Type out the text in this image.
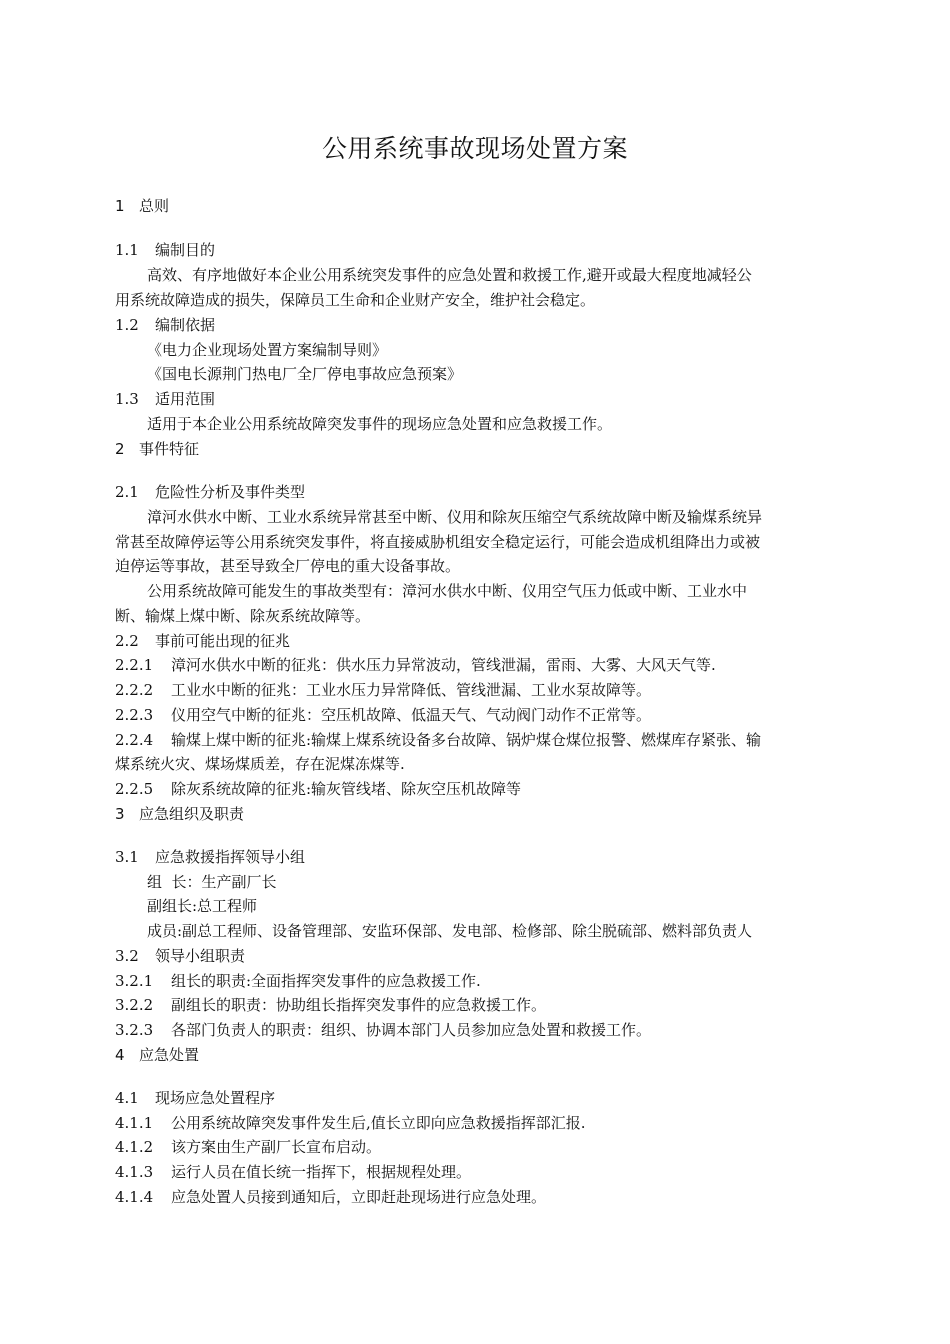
公用系统事故现场处置方案
1 总则
1.1 编制目的
高效、有序地做好本企业公用系统突发事件的应急处置和救援工作,避开或最大程度地减轻公
用系统故障造成的损失，保障员工生命和企业财产安全，维护社会稳定。
1.2 编制依据
《电力企业现场处置方案编制导则》
《国电长源荆门热电厂全厂停电事故应急预案》
1.3 适用范围
适用于本企业公用系统故障突发事件的现场应急处置和应急救援工作。
2 事件特征
2.1 危险性分析及事件类型
漳河水供水中断、工业水系统异常甚至中断、仪用和除灰压缩空气系统故障中断及输煤系统异
常甚至故障停运等公用系统突发事件，将直接威胁机组安全稳定运行，可能会造成机组降出力或被
迫停运等事故，甚至导致全厂停电的重大设备事故。
公用系统故障可能发生的事故类型有：漳河水供水中断、仪用空气压力低或中断、工业水中
断、输煤上煤中断、除灰系统故障等。
2.2 事前可能出现的征兆
2.2.1 漳河水供水中断的征兆：供水压力异常波动，管线泄漏，雷雨、大雾、大风天气等.
2.2.2 工业水中断的征兆：工业水压力异常降低、管线泄漏、工业水泵故障等。
2.2.3 仪用空气中断的征兆：空压机故障、低温天气、气动阀门动作不正常等。
2.2.4 输煤上煤中断的征兆:输煤上煤系统设备多台故障、锅炉煤仓煤位报警、燃煤库存紧张、输
煤系统火灾、煤场煤质差，存在泥煤冻煤等.
2.2.5 除灰系统故障的征兆:输灰管线堵、除灰空压机故障等
3 应急组织及职责
3.1 应急救援指挥领导小组
组  长：生产副厂长
副组长:总工程师
成员:副总工程师、设备管理部、安监环保部、发电部、检修部、除尘脱硫部、燃料部负责人
3.2 领导小组职责
3.2.1 组长的职责:全面指挥突发事件的应急救援工作.
3.2.2 副组长的职责：协助组长指挥突发事件的应急救援工作。
3.2.3 各部门负责人的职责：组织、协调本部门人员参加应急处置和救援工作。
4 应急处置
4.1 现场应急处置程序
4.1.1 公用系统故障突发事件发生后,值长立即向应急救援指挥部汇报.
4.1.2 该方案由生产副厂长宣布启动。
4.1.3 运行人员在值长统一指挥下，根据规程处理。
4.1.4 应急处置人员接到通知后，立即赶赴现场进行应急处理。
